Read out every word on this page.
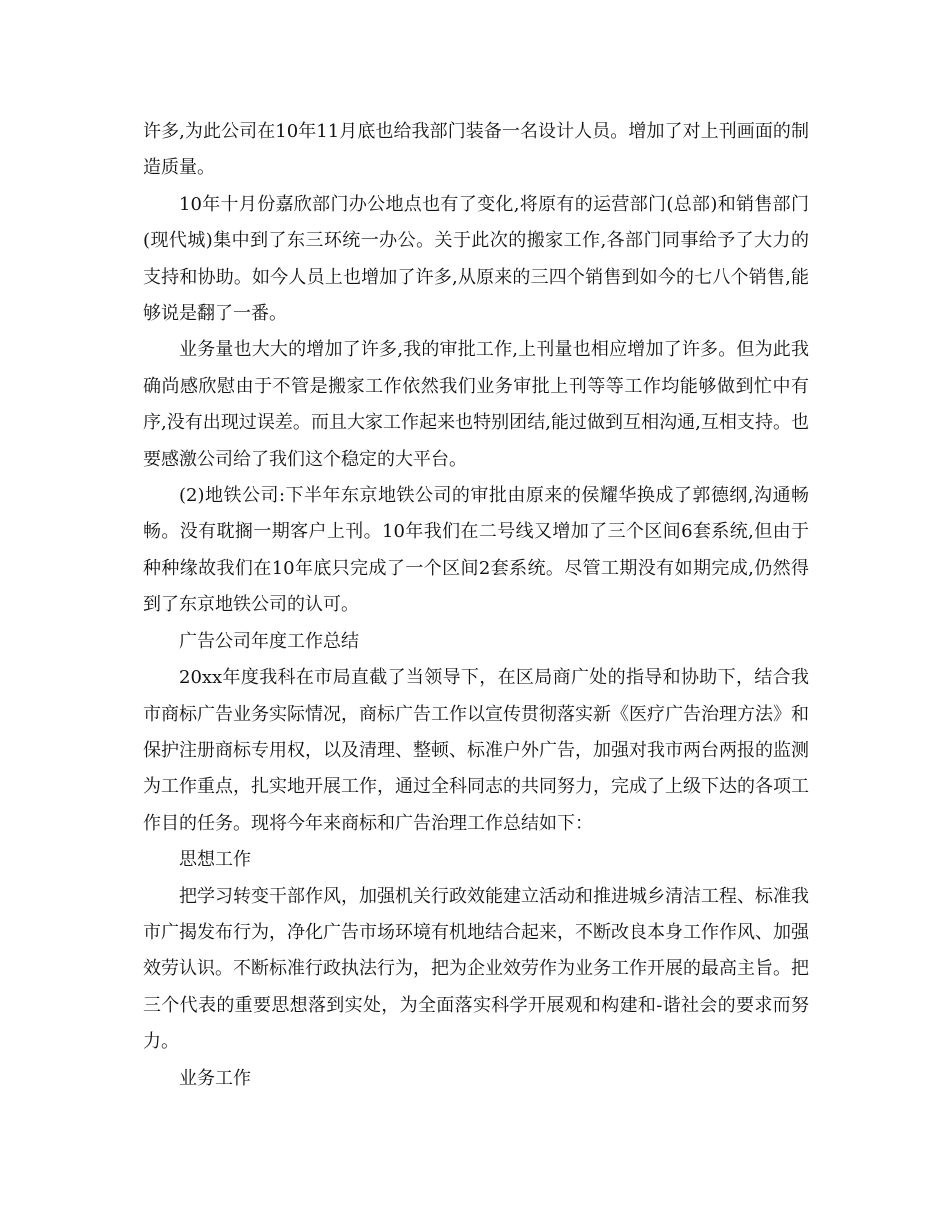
许多,为此公司在10年11月底也给我部门装备一名设计人员。增加了对上刊画面的制造质量。

10年十月份嘉欣部门办公地点也有了变化,将原有的运营部门(总部)和销售部门(现代城)集中到了东三环统一办公。关于此次的搬家工作,各部门同事给予了大力的支持和协助。如今人员上也增加了许多,从原来的三四个销售到如今的七八个销售,能够说是翻了一番。

业务量也大大的增加了许多,我的审批工作,上刊量也相应增加了许多。但为此我确尚感欣慰由于不管是搬家工作依然我们业务审批上刊等等工作均能够做到忙中有序,没有出现过误差。而且大家工作起来也特别团结,能过做到互相沟通,互相支持。也要感激公司给了我们这个稳定的大平台。

(2)地铁公司:下半年东京地铁公司的审批由原来的侯耀华换成了郭德纲,沟通畅畅。没有耽搁一期客户上刊。10年我们在二号线又增加了三个区间6套系统,但由于种种缘故我们在10年底只完成了一个区间2套系统。尽管工期没有如期完成,仍然得到了东京地铁公司的认可。

广告公司年度工作总结

20xx年度我科在市局直截了当领导下，在区局商广处的指导和协助下，结合我市商标广告业务实际情况，商标广告工作以宣传贯彻落实新《医疗广告治理方法》和保护注册商标专用权，以及清理、整顿、标准户外广告，加强对我市两台两报的监测为工作重点，扎实地开展工作，通过全科同志的共同努力，完成了上级下达的各项工作目的任务。现将今年来商标和广告治理工作总结如下：

思想工作

把学习转变干部作风，加强机关行政效能建立活动和推进城乡清洁工程、标准我市广揭发布行为，净化广告市场环境有机地结合起来，不断改良本身工作作风、加强效劳认识。不断标准行政执法行为，把为企业效劳作为业务工作开展的最高主旨。把三个代表的重要思想落到实处，为全面落实科学开展观和构建和-谐社会的要求而努力。

业务工作
